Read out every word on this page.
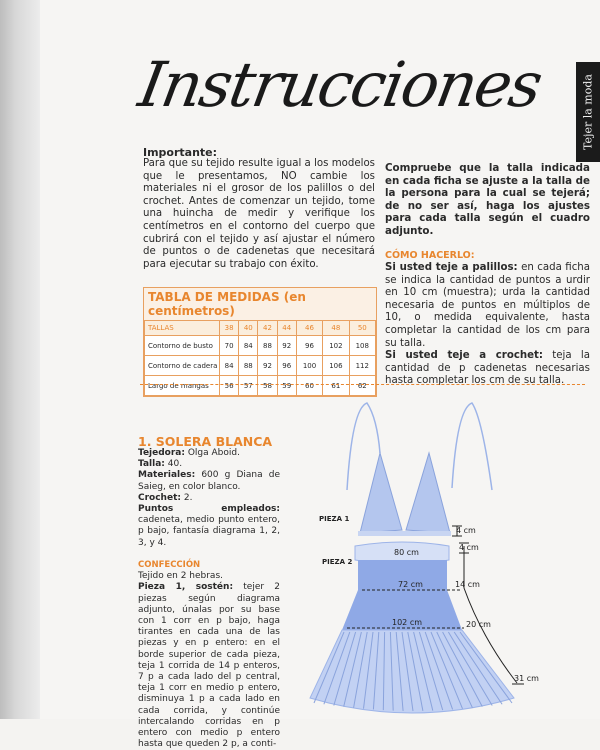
Instrucciones	Tejer la moda
Importante:
Para que su tejido resulte igual a los modelos que le presentamos, NO cambie los materiales ni el grosor de los palillos o del crochet. Antes de comenzar un tejido, tome una huincha de medir y verifique los centímetros en el contorno del cuerpo que cubrirá con el tejido y así ajustar el número de puntos o de cadenetas que necesitará para ejecutar su trabajo con éxito.
Compruebe que la talla indicada en cada ficha se ajuste a la talla de la persona para la cual se tejerá; de no ser así, haga los ajustes para cada talla según el cuadro adjunto.
CÓMO HACERLO:
Si usted teje a palillos: en cada ficha se indica la cantidad de puntos a urdir en 10 cm (muestra); urda la cantidad necesaria de puntos en múltiplos de 10, o medida equivalente, hasta completar la cantidad de los cm para su talla.
Si usted teje a crochet: teja la cantidad de p cadenetas necesarias hasta completar los cm de su talla.
TABLA DE MEDIDAS (en centímetros)
TALLAS	38	40	42	44	46	48	50
Contorno de busto	70	84	88	92	96	102	108
Contorno de cadera	84	88	92	96	100	106	112
Largo de mangas	56	57	58	59	60	61	62
1. SOLERA BLANCA
Tejedora: Olga Aboid.
Talla: 40.
Materiales: 600 g Diana de Saieg, en color blanco.
Crochet: 2.
Puntos empleados: cadeneta, medio punto entero, p bajo, fantasía diagrama 1, 2, 3, y 4.

CONFECCIÓN
Tejido en 2 hebras.
Pieza 1, sostén: tejer 2 piezas según diagrama adjunto, únalas por su base con 1 corr en p bajo, haga tirantes en cada una de las piezas y en p entero: en el borde superior de cada pieza, teja 1 corrida de 14 p enteros, 7 p a cada lado del p central, teja 1 corr en medio p entero, disminuya 1 p a cada lado en cada corrida, y continúe intercalando corridas en p entero con medio p entero hasta que queden 2 p, a conti-
PIEZA 1
PIEZA 2
4 cm
4 cm
80 cm
72 cm	14 cm
102 cm	20 cm
31 cm
